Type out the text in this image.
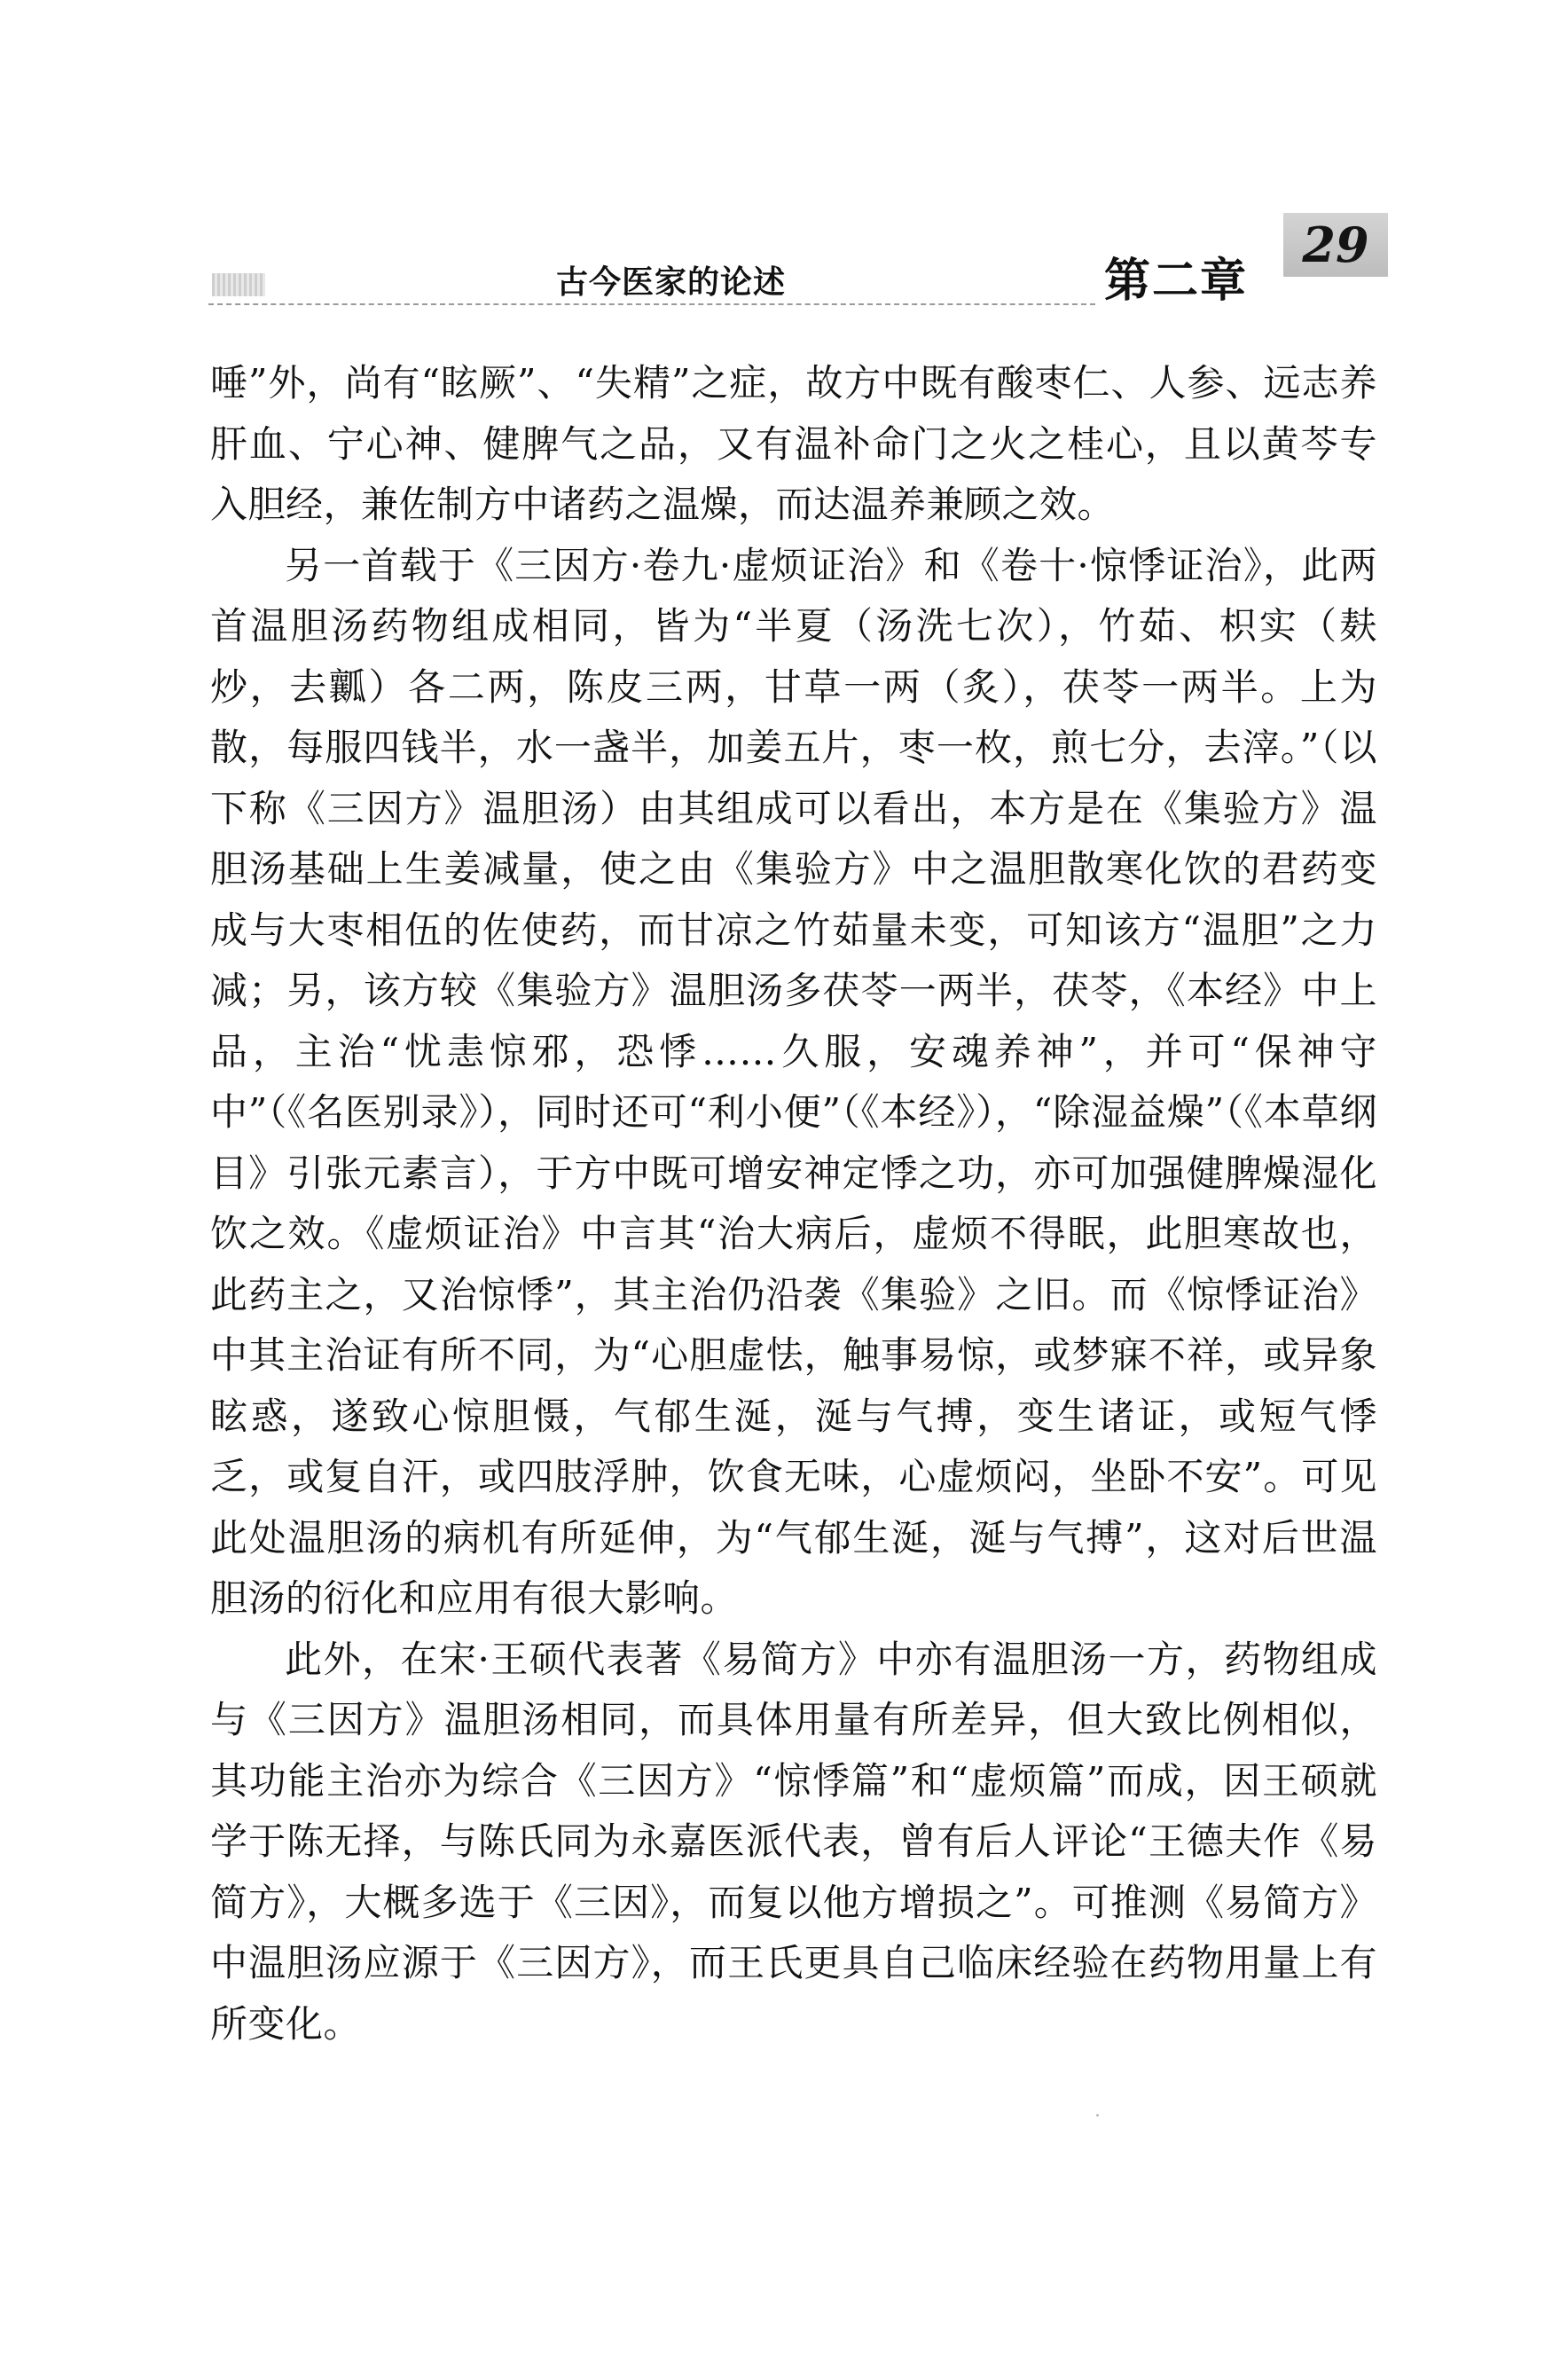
古今医家的论述	第二章
29

唾”外，尚有“眩厥”、“失精”之症，故方中既有酸枣仁、人参、远志养肝血、宁心神、健脾气之品，又有温补命门之火之桂心，且以黄芩专入胆经，兼佐制方中诸药之温燥，而达温养兼顾之效。

另一首载于《三因方·卷九·虚烦证治》和《卷十·惊悸证治》，此两首温胆汤药物组成相同，皆为“半夏（汤洗七次），竹茹、枳实（麸炒，去瓤）各二两，陈皮三两，甘草一两（炙），茯苓一两半。上为散，每服四钱半，水一盏半，加姜五片，枣一枚，煎七分，去滓。”（以下称《三因方》温胆汤）由其组成可以看出，本方是在《集验方》温胆汤基础上生姜减量，使之由《集验方》中之温胆散寒化饮的君药变成与大枣相伍的佐使药，而甘凉之竹茹量未变，可知该方“温胆”之力减；另，该方较《集验方》温胆汤多茯苓一两半，茯苓，《本经》中上品，主治“忧恚惊邪，恐悸……久服，安魂养神”，并可“保神守中”（《名医别录》），同时还可“利小便”（《本经》），“除湿益燥”（《本草纲目》引张元素言），于方中既可增安神定悸之功，亦可加强健脾燥湿化饮之效。《虚烦证治》中言其“治大病后，虚烦不得眠，此胆寒故也，此药主之，又治惊悸”，其主治仍沿袭《集验》之旧。而《惊悸证治》中其主治证有所不同，为“心胆虚怯，触事易惊，或梦寐不祥，或异象眩惑，遂致心惊胆慑，气郁生涎，涎与气搏，变生诸证，或短气悸乏，或复自汗，或四肢浮肿，饮食无味，心虚烦闷，坐卧不安”。可见此处温胆汤的病机有所延伸，为“气郁生涎，涎与气搏”，这对后世温胆汤的衍化和应用有很大影响。

此外，在宋·王硕代表著《易简方》中亦有温胆汤一方，药物组成与《三因方》温胆汤相同，而具体用量有所差异，但大致比例相似，其功能主治亦为综合《三因方》“惊悸篇”和“虚烦篇”而成，因王硕就学于陈无择，与陈氏同为永嘉医派代表，曾有后人评论“王德夫作《易简方》，大概多选于《三因》，而复以他方增损之”。可推测《易简方》中温胆汤应源于《三因方》，而王氏更具自己临床经验在药物用量上有所变化。
